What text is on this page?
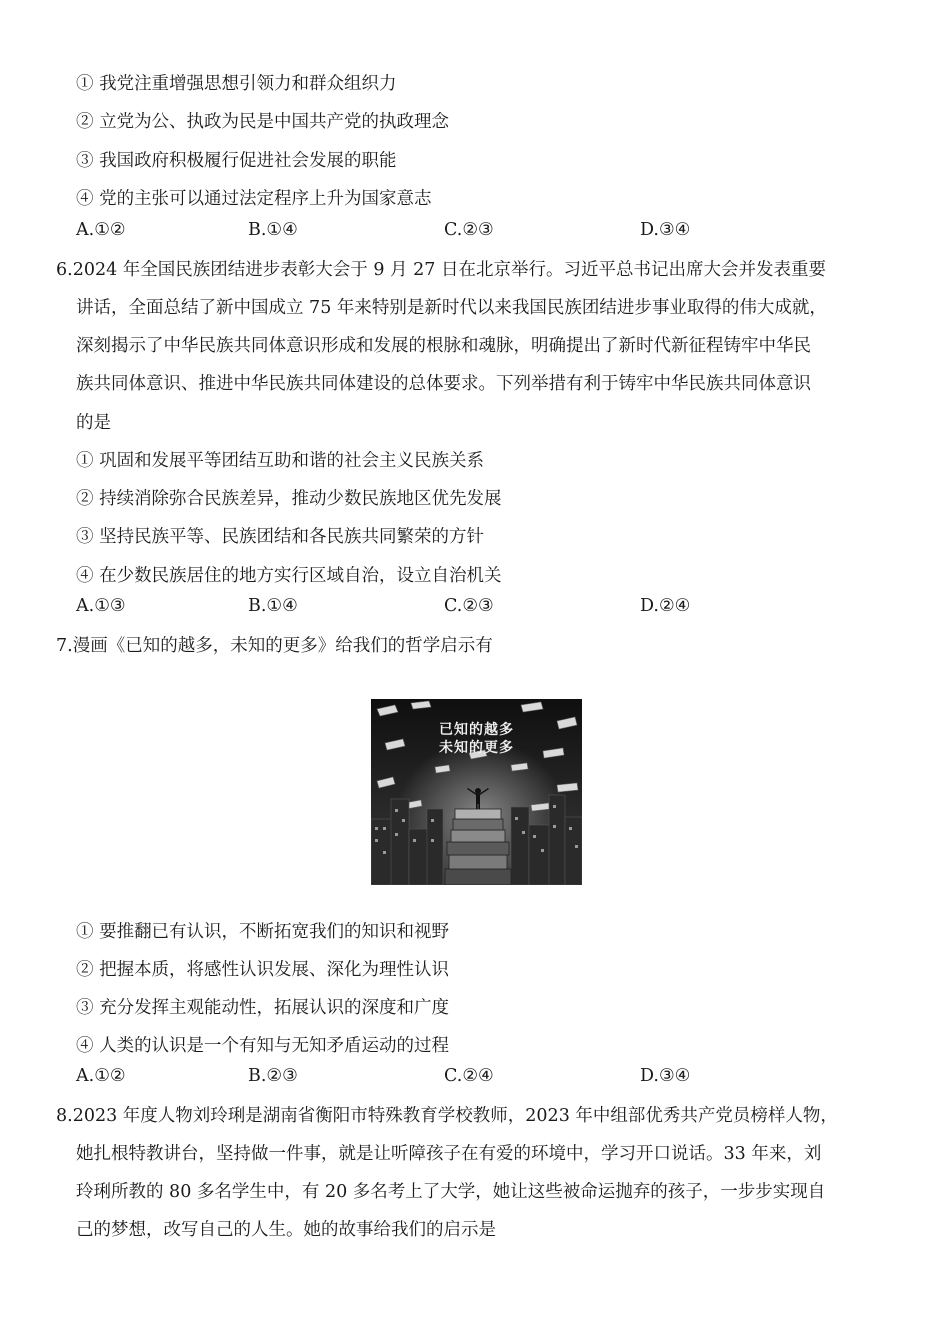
① 我党注重增强思想引领力和群众组织力
② 立党为公、执政为民是中国共产党的执政理念
③ 我国政府积极履行促进社会发展的职能
④ 党的主张可以通过法定程序上升为国家意志
A.①②	B.①④	C.②③	D.③④
6.2024 年全国民族团结进步表彰大会于 9 月 27 日在北京举行。习近平总书记出席大会并发表重要
讲话，全面总结了新中国成立 75 年来特别是新时代以来我国民族团结进步事业取得的伟大成就，
深刻揭示了中华民族共同体意识形成和发展的根脉和魂脉，明确提出了新时代新征程铸牢中华民
族共同体意识、推进中华民族共同体建设的总体要求。下列举措有利于铸牢中华民族共同体意识
的是
① 巩固和发展平等团结互助和谐的社会主义民族关系
② 持续消除弥合民族差异，推动少数民族地区优先发展
③ 坚持民族平等、民族团结和各民族共同繁荣的方针
④ 在少数民族居住的地方实行区域自治，设立自治机关
A.①③	B.①④	C.②③	D.②④
7.漫画《已知的越多，未知的更多》给我们的哲学启示有
已知的越多
未知的更多
① 要推翻已有认识，不断拓宽我们的知识和视野
② 把握本质，将感性认识发展、深化为理性认识
③ 充分发挥主观能动性，拓展认识的深度和广度
④ 人类的认识是一个有知与无知矛盾运动的过程
A.①②	B.②③	C.②④	D.③④
8.2023 年度人物刘玲琍是湖南省衡阳市特殊教育学校教师，2023 年中组部优秀共产党员榜样人物，
她扎根特教讲台，坚持做一件事，就是让听障孩子在有爱的环境中，学习开口说话。33 年来，刘
玲琍所教的 80 多名学生中，有 20 多名考上了大学，她让这些被命运抛弃的孩子，一步步实现自
己的梦想，改写自己的人生。她的故事给我们的启示是
